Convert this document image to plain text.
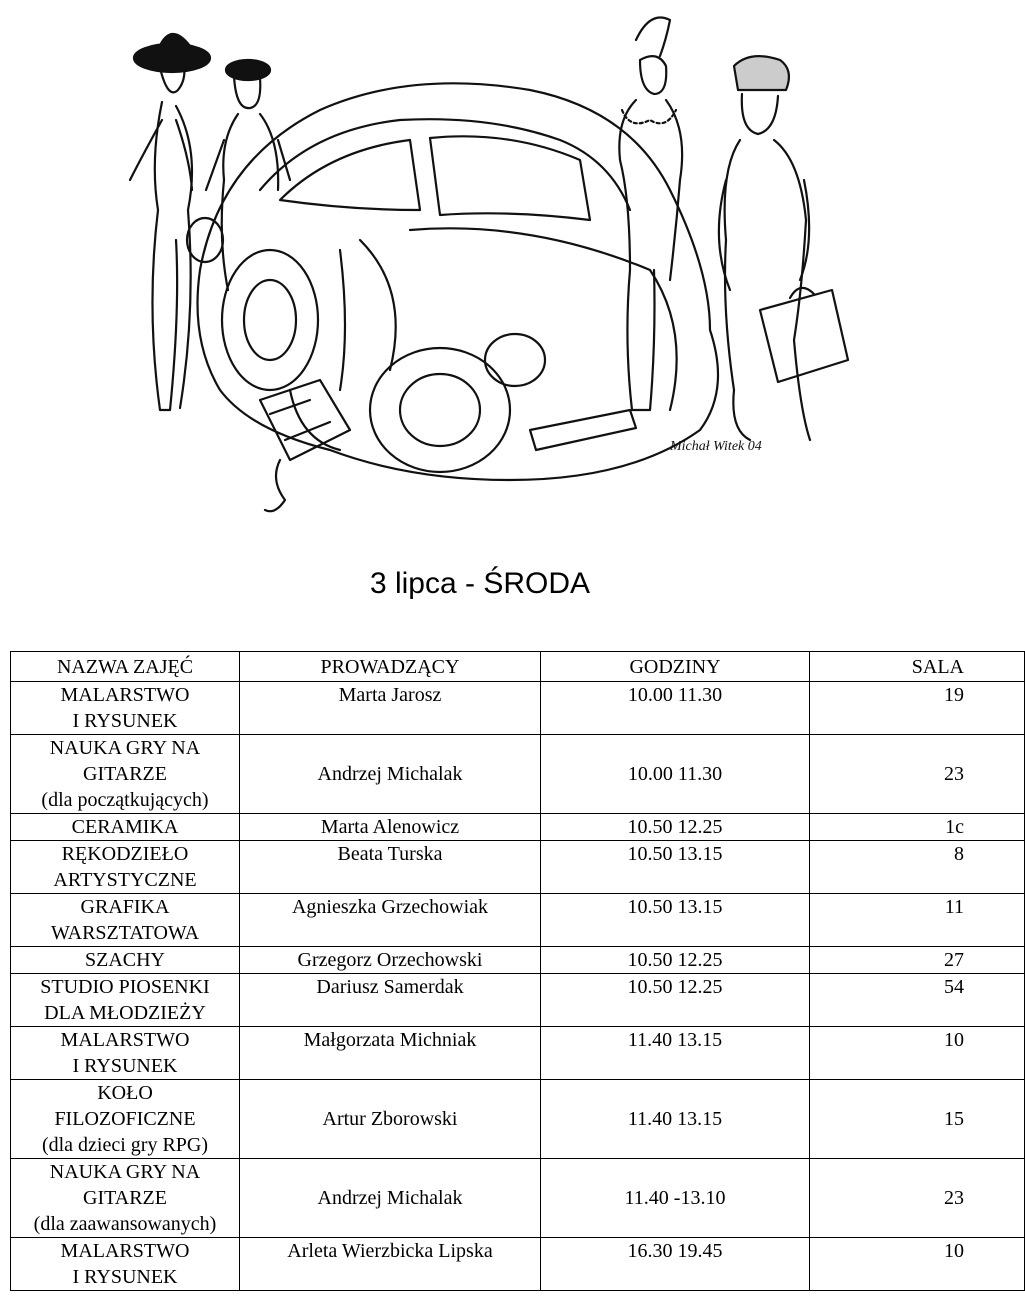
Michał Witek 04
3 lipca - ŚRODA
NAZWA ZAJĘĆ	PROWADZĄCY	GODZINY	SALA

MALARSTWO
I RYSUNEK	Marta Jarosz	10.00 11.30	19

NAUKA GRY NA
GITARZE
(dla początkujących)	Andrzej Michalak	10.00 11.30	23

CERAMIKA	Marta Alenowicz	10.50 12.25	1c

RĘKODZIEŁO
ARTYSTYCZNE	Beata Turska	10.50 13.15	8

GRAFIKA
WARSZTATOWA	Agnieszka Grzechowiak	10.50 13.15	11

SZACHY	Grzegorz Orzechowski	10.50 12.25	27

STUDIO PIOSENKI
DLA MŁODZIEŻY	Dariusz Samerdak	10.50 12.25	54

MALARSTWO
I RYSUNEK	Małgorzata Michniak	11.40 13.15	10

KOŁO
FILOZOFICZNE
(dla dzieci gry RPG)	Artur Zborowski	11.40 13.15	15

NAUKA GRY NA
GITARZE
(dla zaawansowanych)	Andrzej Michalak	11.40 -13.10	23

MALARSTWO
I RYSUNEK	Arleta Wierzbicka Lipska	16.30 19.45	10
